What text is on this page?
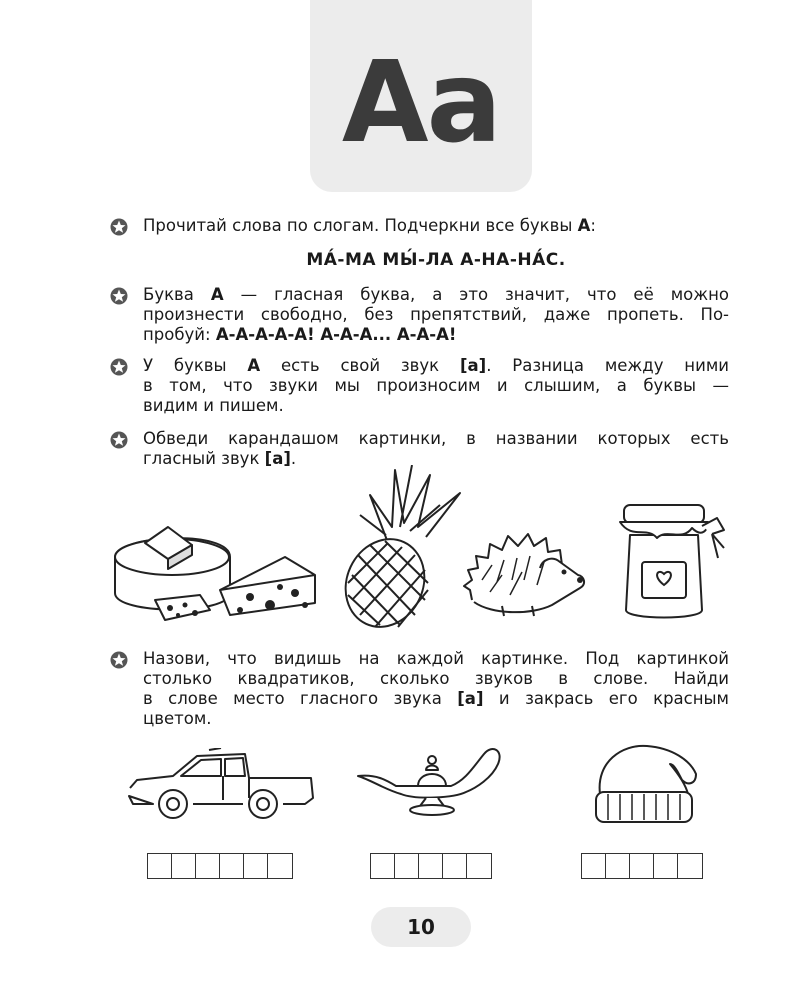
Аа
Прочитай слова по слогам. Подчеркни все буквы А:
МА́-МА МЫ́-ЛА А-НА-НА́С.
Буква А — гласная буква, а это значит, что её можно
произнести свободно, без препятствий, даже пропеть. По-
пробуй: А-А-А-А-А! А-А-А... А-А-А!
У буквы А есть свой звук [а]. Разница между ними
в том, что звуки мы произносим и слышим, а буквы —
видим и пишем.
Обведи карандашом картинки, в названии которых есть
гласный звук [а].
Назови, что видишь на каждой картинке. Под картинкой
столько квадратиков, сколько звуков в слове. Найди
в слове место гласного звука [а] и закрась его красным
цветом.
10
